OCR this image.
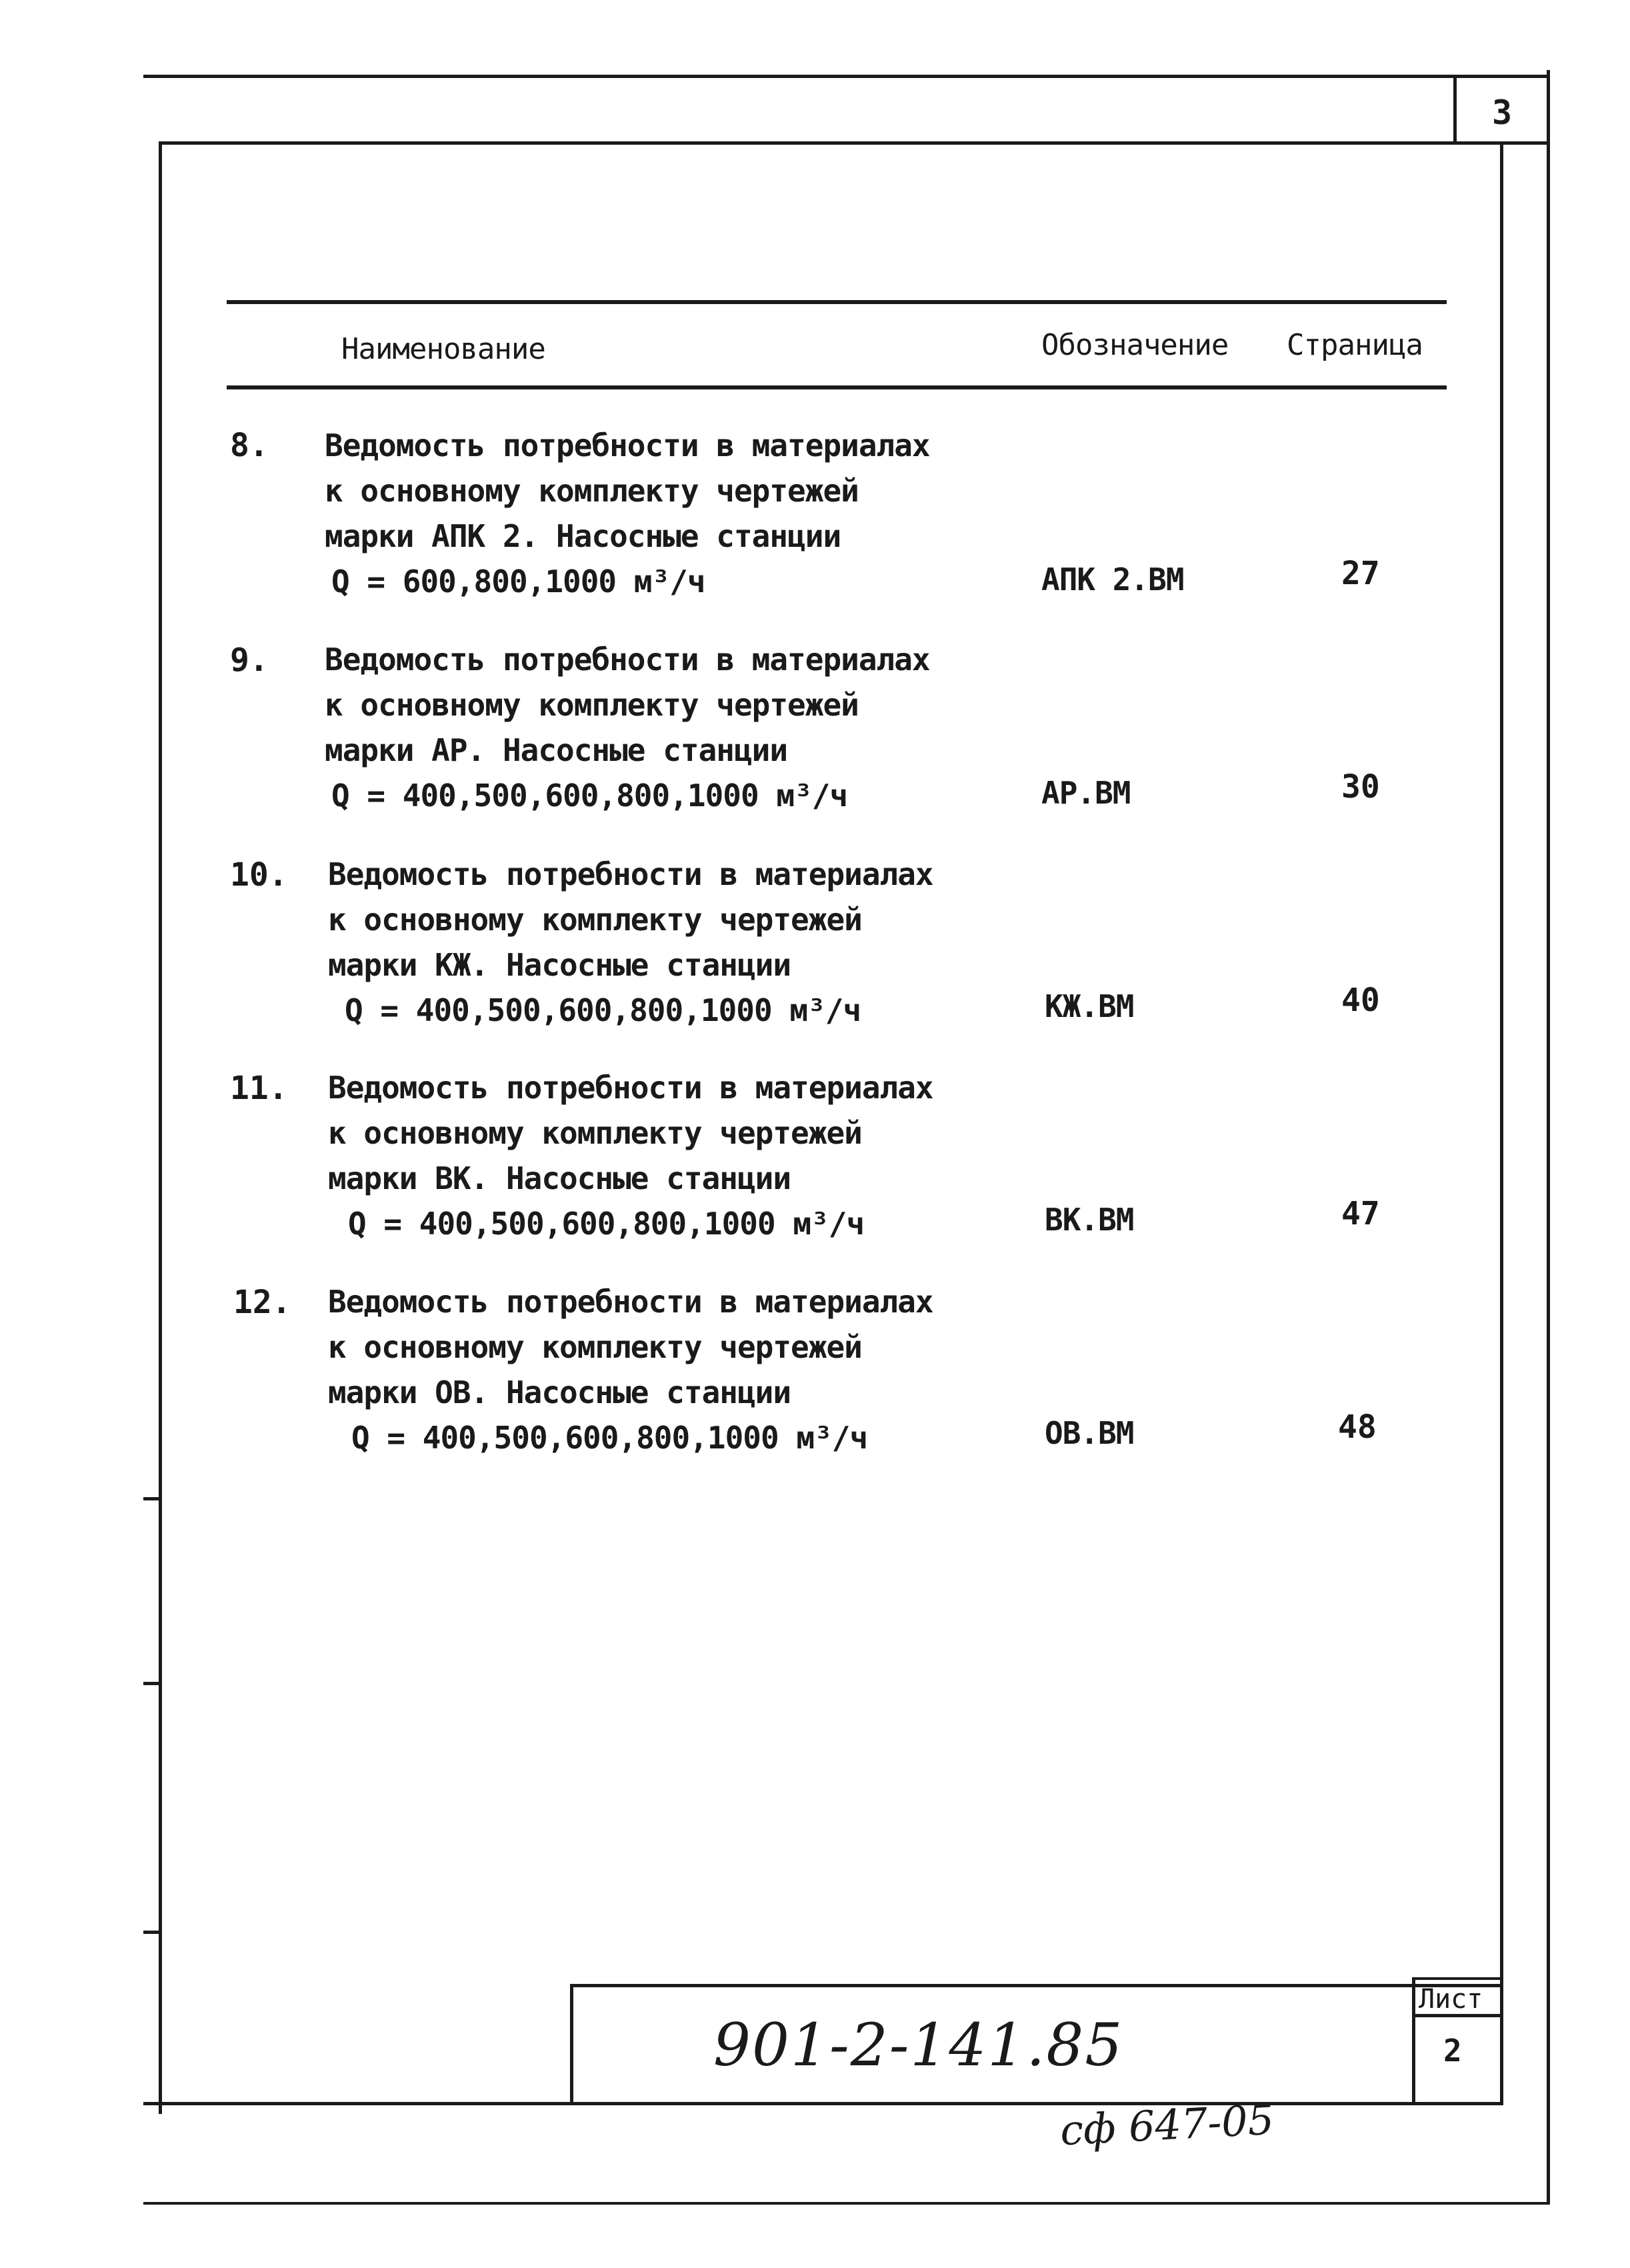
3
Наименование	Обозначение Страница
8. Ведомость потребности в материалах
к основному комплекту чертежей
марки АПК 2. Насосные станции
Q = 600,800,1000 м³/ч	АПК 2.ВМ	27
9. Ведомость потребности в материалах
к основному комплекту чертежей
марки АР. Насосные станции
Q = 400,500,600,800,1000 м³/ч	АР.ВМ	30
10. Ведомость потребности в материалах
к основному комплекту чертежей
марки КЖ. Насосные станции
Q = 400,500,600,800,1000 м³/ч	КЖ.ВМ	40
11. Ведомость потребности в материалах
к основному комплекту чертежей
марки ВК. Насосные станции
Q = 400,500,600,800,1000 м³/ч	ВК.ВМ	47
12. Ведомость потребности в материалах
к основному комплекту чертежей
марки ОВ. Насосные станции
Q = 400,500,600,800,1000 м³/ч	ОВ.ВМ	48
Лист
2
901-2-141.85
сф 647-05
